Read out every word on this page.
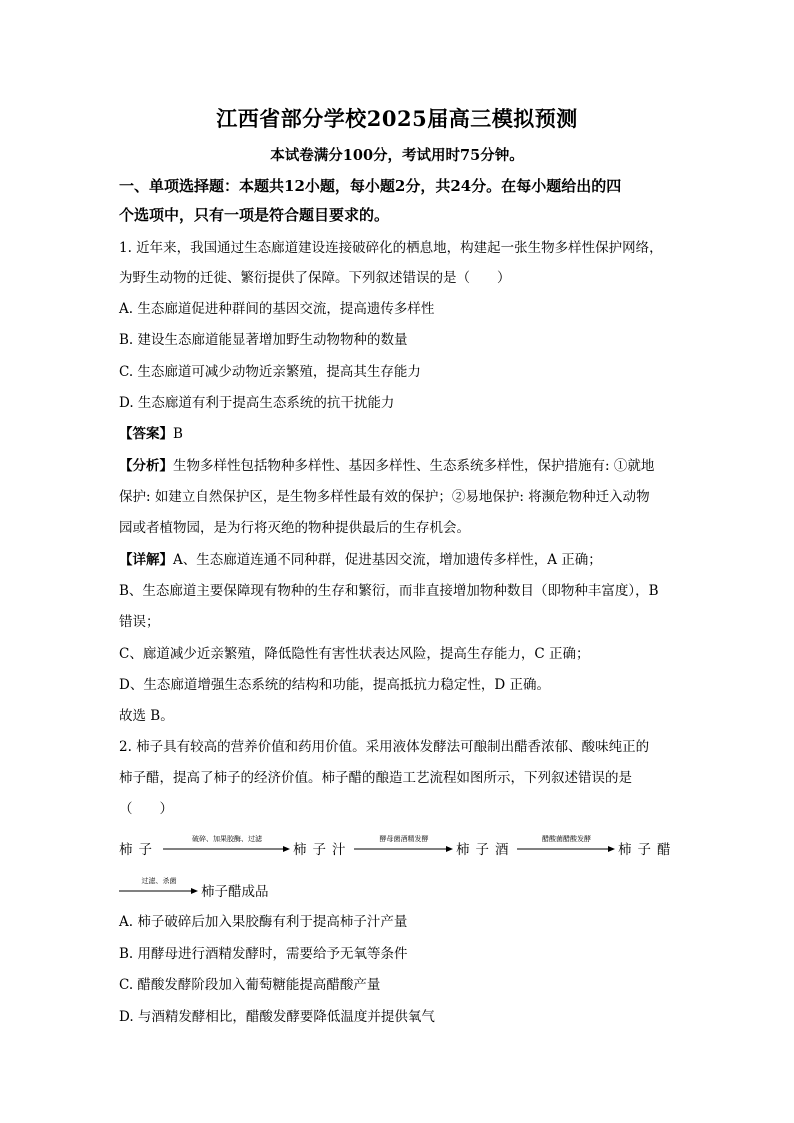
江西省部分学校2025届高三模拟预测
本试卷满分100分，考试用时75分钟。
一、单项选择题：本题共12小题，每小题2分，共24分。在每小题给出的四
个选项中，只有一项是符合题目要求的。
1. 近年来，我国通过生态廊道建设连接破碎化的栖息地，构建起一张生物多样性保护网络，
为野生动物的迁徙、繁衍提供了保障。下列叙述错误的是（　　）
A. 生态廊道促进种群间的基因交流，提高遗传多样性
B. 建设生态廊道能显著增加野生动物物种的数量
C. 生态廊道可减少动物近亲繁殖，提高其生存能力
D. 生态廊道有利于提高生态系统的抗干扰能力
【答案】B
【分析】生物多样性包括物种多样性、基因多样性、生态系统多样性，保护措施有: ①就地
保护: 如建立自然保护区，是生物多样性最有效的保护；②易地保护: 将濒危物种迁入动物
园或者植物园，是为行将灭绝的物种提供最后的生存机会。
【详解】A、生态廊道连通不同种群，促进基因交流，增加遗传多样性，A 正确；
B、生态廊道主要保障现有物种的生存和繁衍，而非直接增加物种数目（即物种丰富度），B
错误；
C、廊道减少近亲繁殖，降低隐性有害性状表达风险，提高生存能力，C 正确；
D、生态廊道增强生态系统的结构和功能，提高抵抗力稳定性，D 正确。
故选 B。
2. 柿子具有较高的营养价值和药用价值。采用液体发酵法可酿制出醋香浓郁、酸味纯正的
柿子醋，提高了柿子的经济价值。柿子醋的酿造工艺流程如图所示，下列叙述错误的是
（　　）
柿子
破碎、加果胶酶、过滤
柿子汁
酵母菌酒精发酵
柿子酒
醋酸菌醋酸发酵
柿子醋
过滤、杀菌
柿子醋成品
A. 柿子破碎后加入果胶酶有利于提高柿子汁产量
B. 用酵母进行酒精发酵时，需要给予无氧等条件
C. 醋酸发酵阶段加入葡萄糖能提高醋酸产量
D. 与酒精发酵相比，醋酸发酵要降低温度并提供氧气
